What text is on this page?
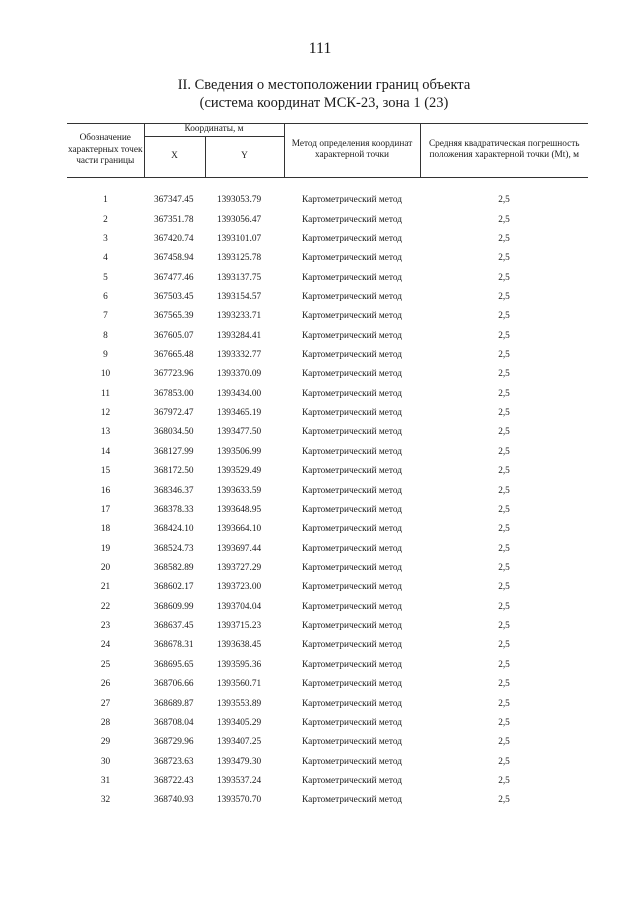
111
II. Сведения о местоположении границ объекта
(система координат МСК-23, зона 1 (23)
Обозначение характерных точек части границы	Координаты, м		Метод определения координат характерной точки	Средняя квадратическая погрешность положения характерной точки (Mt), м
	X	Y		

1	367347.45	1393053.79	Картометрический метод	2,5
2	367351.78	1393056.47	Картометрический метод	2,5
3	367420.74	1393101.07	Картометрический метод	2,5
4	367458.94	1393125.78	Картометрический метод	2,5
5	367477.46	1393137.75	Картометрический метод	2,5
6	367503.45	1393154.57	Картометрический метод	2,5
7	367565.39	1393233.71	Картометрический метод	2,5
8	367605.07	1393284.41	Картометрический метод	2,5
9	367665.48	1393332.77	Картометрический метод	2,5
10	367723.96	1393370.09	Картометрический метод	2,5
11	367853.00	1393434.00	Картометрический метод	2,5
12	367972.47	1393465.19	Картометрический метод	2,5
13	368034.50	1393477.50	Картометрический метод	2,5
14	368127.99	1393506.99	Картометрический метод	2,5
15	368172.50	1393529.49	Картометрический метод	2,5
16	368346.37	1393633.59	Картометрический метод	2,5
17	368378.33	1393648.95	Картометрический метод	2,5
18	368424.10	1393664.10	Картометрический метод	2,5
19	368524.73	1393697.44	Картометрический метод	2,5
20	368582.89	1393727.29	Картометрический метод	2,5
21	368602.17	1393723.00	Картометрический метод	2,5
22	368609.99	1393704.04	Картометрический метод	2,5
23	368637.45	1393715.23	Картометрический метод	2,5
24	368678.31	1393638.45	Картометрический метод	2,5
25	368695.65	1393595.36	Картометрический метод	2,5
26	368706.66	1393560.71	Картометрический метод	2,5
27	368689.87	1393553.89	Картометрический метод	2,5
28	368708.04	1393405.29	Картометрический метод	2,5
29	368729.96	1393407.25	Картометрический метод	2,5
30	368723.63	1393479.30	Картометрический метод	2,5
31	368722.43	1393537.24	Картометрический метод	2,5
32	368740.93	1393570.70	Картометрический метод	2,5
